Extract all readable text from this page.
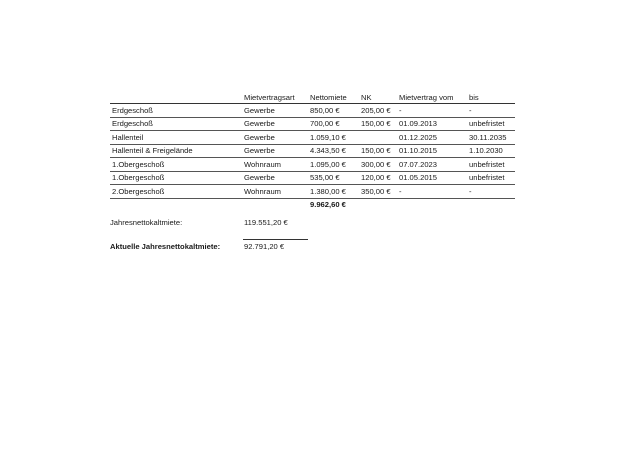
	Mietvertragsart	Nettomiete	NK	Mietvertrag vom	bis
Erdgeschoß	Gewerbe	850,00 €	205,00 €	-	-
Erdgeschoß	Gewerbe	700,00 €	150,00 €	01.09.2013	unbefristet
Hallenteil	Gewerbe	1.059,10 €		01.12.2025	30.11.2035
Hallenteil & Freigelände	Gewerbe	4.343,50 €	150,00 €	01.10.2015	1.10.2030
1.Obergeschoß	Wohnraum	1.095,00 €	300,00 €	07.07.2023	unbefristet
1.Obergeschoß	Gewerbe	535,00 €	120,00 €	01.05.2015	unbefristet
2.Obergeschoß	Wohnraum	1.380,00 €	350,00 €	-	-
		9.962,60 €			
Jahresnettokaltmiete:	119.551,20 €
Aktuelle Jahresnettokaltmiete:	92.791,20 €
